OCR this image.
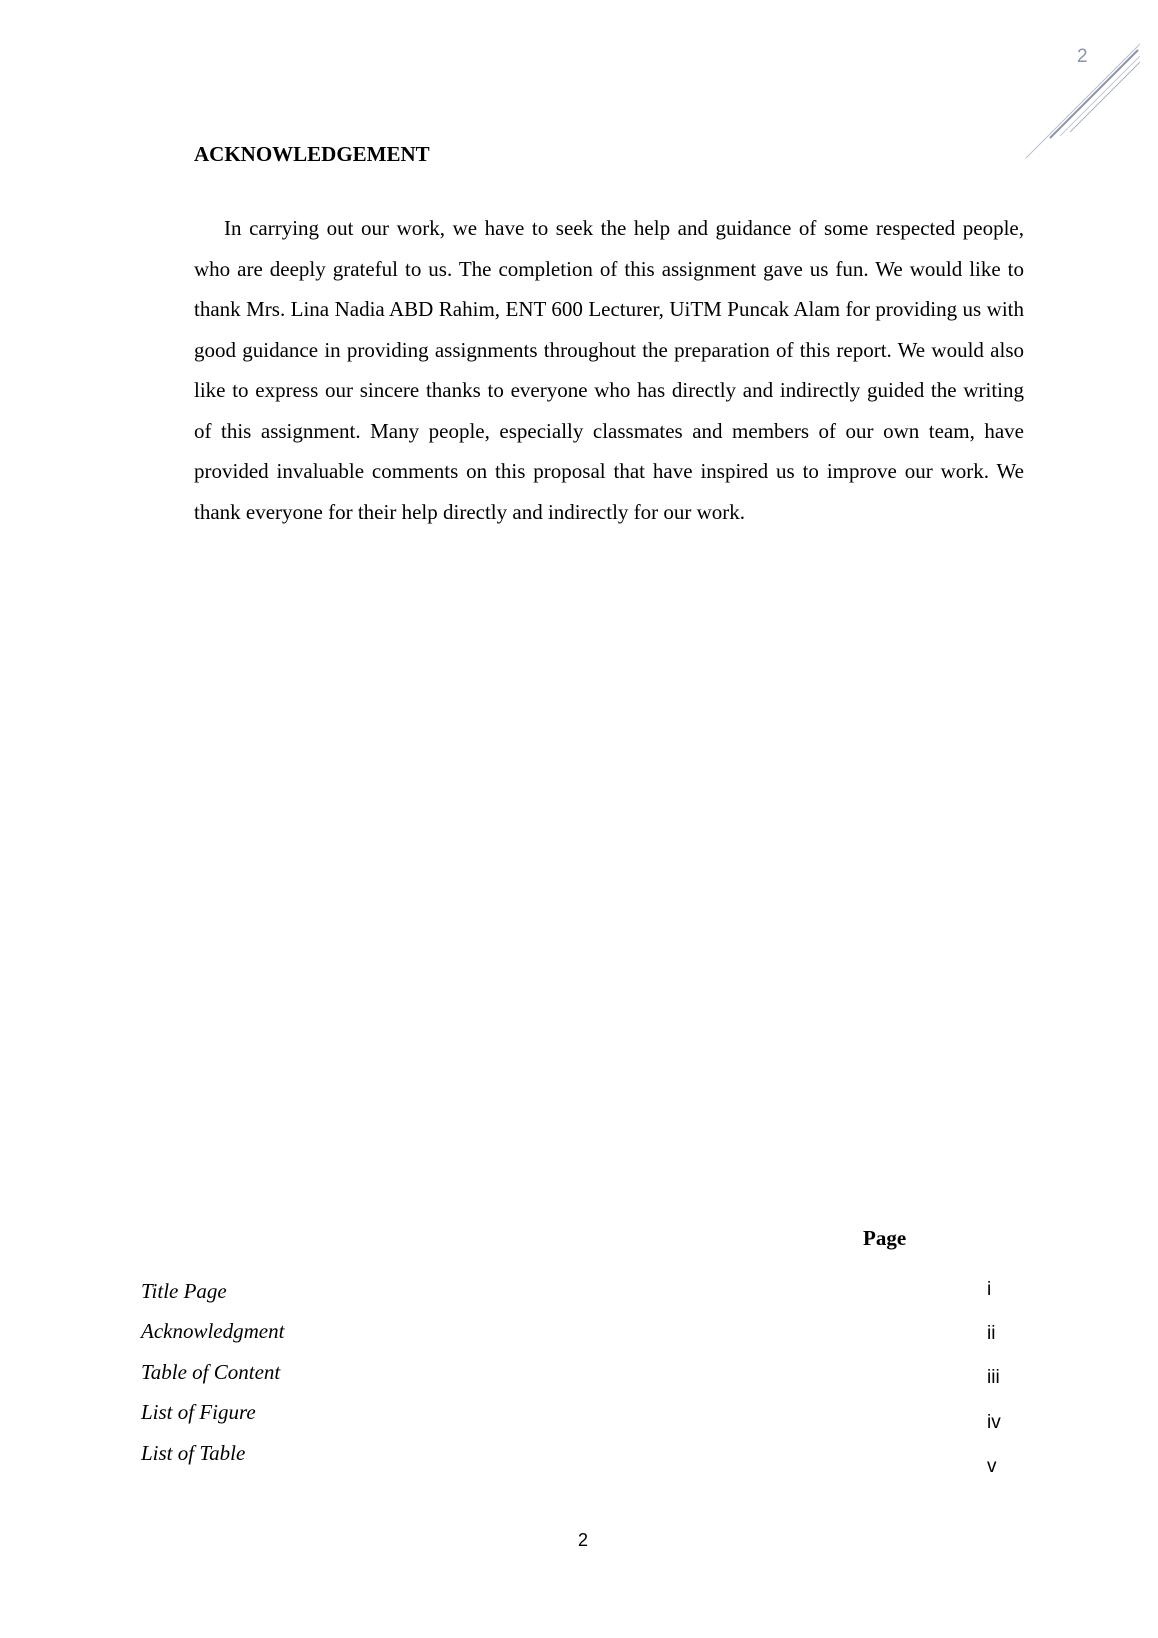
2
ACKNOWLEDGEMENT

In carrying out our work, we have to seek the help and guidance of some respected people, who are deeply grateful to us. The completion of this assignment gave us fun. We would like to thank Mrs. Lina Nadia ABD Rahim, ENT 600 Lecturer, UiTM Puncak Alam for providing us with good guidance in providing assignments throughout the preparation of this report. We would also like to express our sincere thanks to everyone who has directly and indirectly guided the writing of this assignment. Many people, especially classmates and members of our own team, have provided invaluable comments on this proposal that have inspired us to improve our work. We thank everyone for their help directly and indirectly for our work.

Page
Title Page
Acknowledgment
Table of Content
List of Figure
List of Table
i
ii
iii
iv
v
2
